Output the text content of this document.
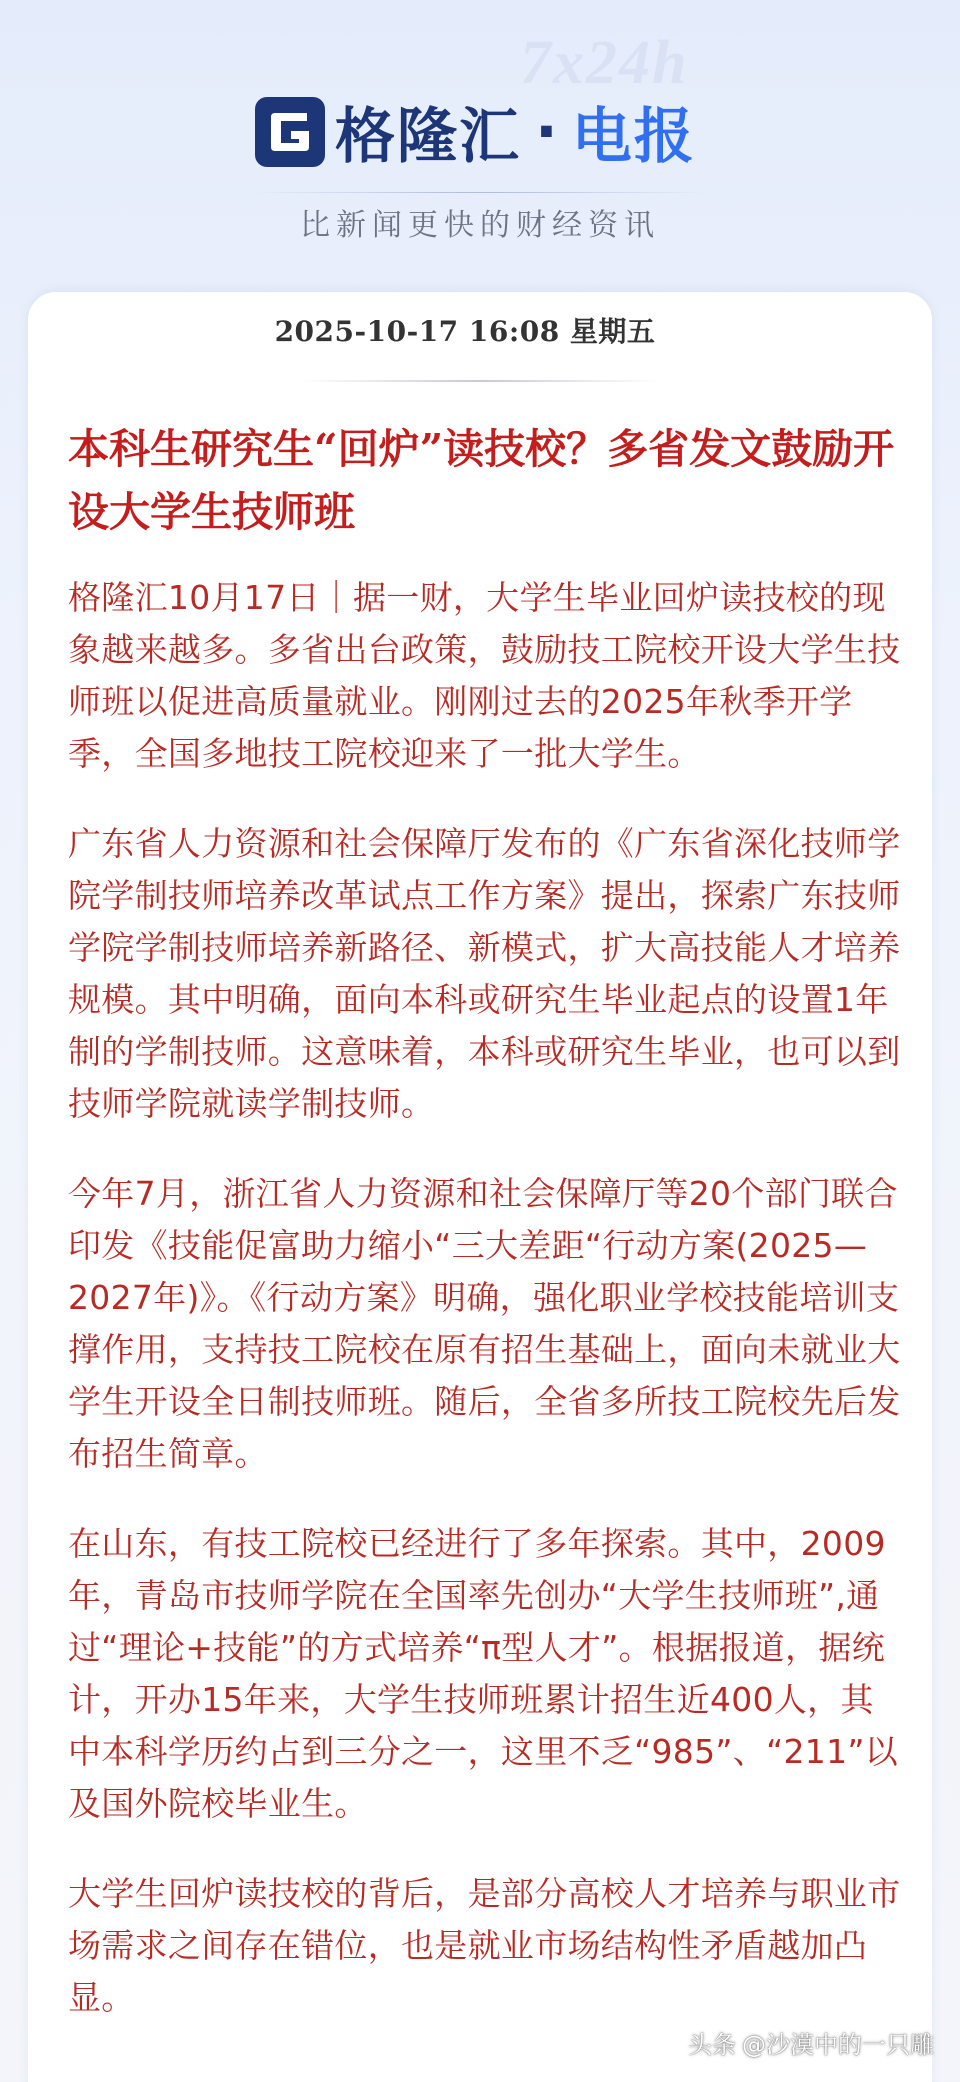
7x24h
格隆汇 · 电报
比新闻更快的财经资讯
2025-10-17 16:08 星期五
本科生研究生“回炉”读技校？多省发文鼓励开设大学生技师班

格隆汇10月17日｜据一财，大学生毕业回炉读技校的现象越来越多。多省出台政策，鼓励技工院校开设大学生技师班以促进高质量就业。刚刚过去的2025年秋季开学季，全国多地技工院校迎来了一批大学生。

广东省人力资源和社会保障厅发布的《广东省深化技师学院学制技师培养改革试点工作方案》提出，探索广东技师学院学制技师培养新路径、新模式，扩大高技能人才培养规模。其中明确，面向本科或研究生毕业起点的设置1年制的学制技师。这意味着，本科或研究生毕业，也可以到技师学院就读学制技师。

今年7月，浙江省人力资源和社会保障厅等20个部门联合印发《技能促富助力缩小“三大差距“行动方案(2025—2027年)》。《行动方案》明确，强化职业学校技能培训支撑作用，支持技工院校在原有招生基础上，面向未就业大学生开设全日制技师班。随后，全省多所技工院校先后发布招生简章。

在山东，有技工院校已经进行了多年探索。其中，2009年，青岛市技师学院在全国率先创办“大学生技师班”,通过“理论+技能”的方式培养“π型人才”。根据报道，据统计，开办15年来，大学生技师班累计招生近400人，其中本科学历约占到三分之一，这里不乏“985”、“211”以及国外院校毕业生。

大学生回炉读技校的背后，是部分高校人才培养与职业市场需求之间存在错位，也是就业市场结构性矛盾越加凸显。

头条 @沙漠中的一只雕
